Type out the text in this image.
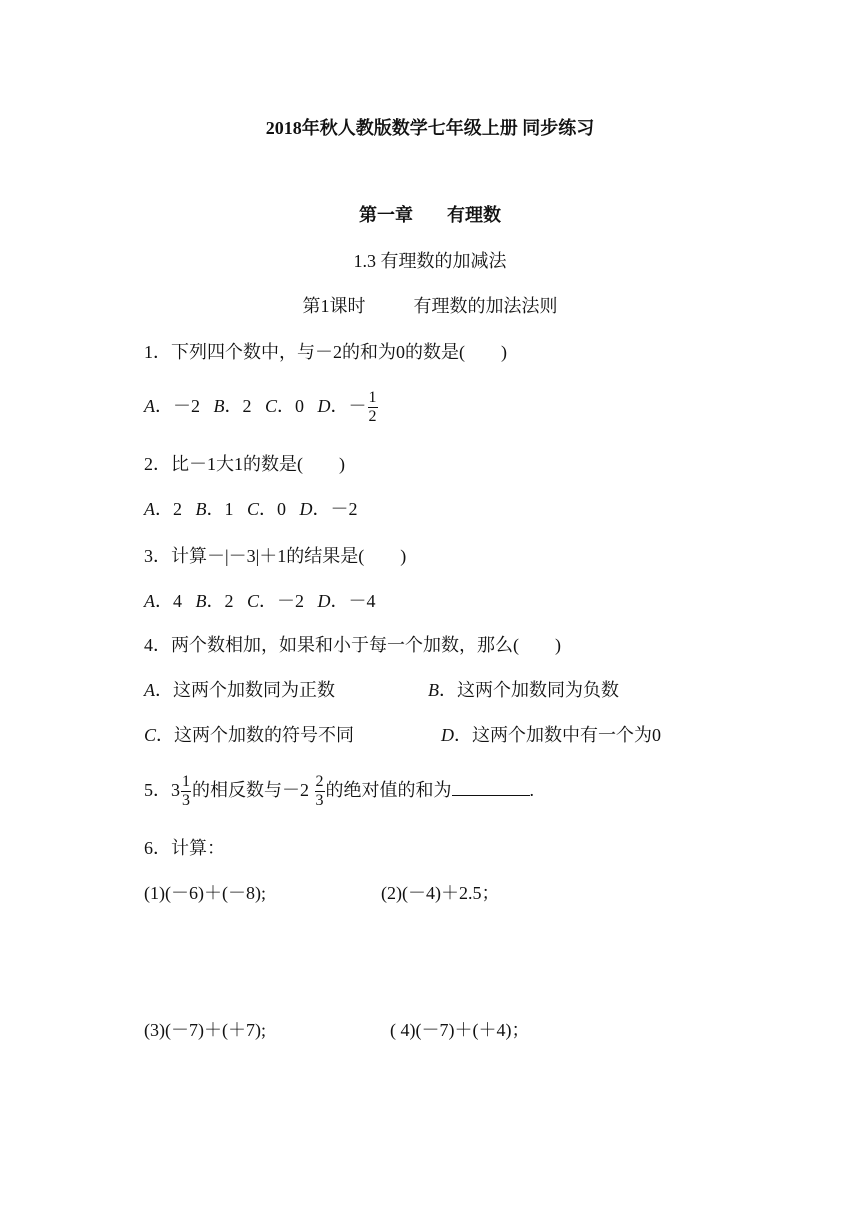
2018年秋人教版数学七年级上册 同步练习
第一章 有理数
1.3 有理数的加减法
第1课时	有理数的加法法则
1．下列四个数中，与－2的和为0的数是( )
A．－2 B．2 C．0 D．－ $\frac{1}{2}$
2．比－1大1的数是( )
A．2 B．1 C．0 D．－2
3．计算－|－3|＋1的结果是( )
A．4 B．2 C．－2 D．－4
4．两个数相加，如果和小于每一个加数，那么( )
A．这两个加数同为正数	B．这两个加数同为负数
C．这两个加数的符号不同	D．这两个加数中有一个为0
5．$3 \frac{1}{3}$ 的相反数与$-2 \frac{2}{3}$ 的绝对值的和为	.
6．计算：
(1)(－6)＋(－8);	(2)(－4)＋2.5；
(3)(－7)＋(＋7);	( 4)(－7)＋(＋4)；
